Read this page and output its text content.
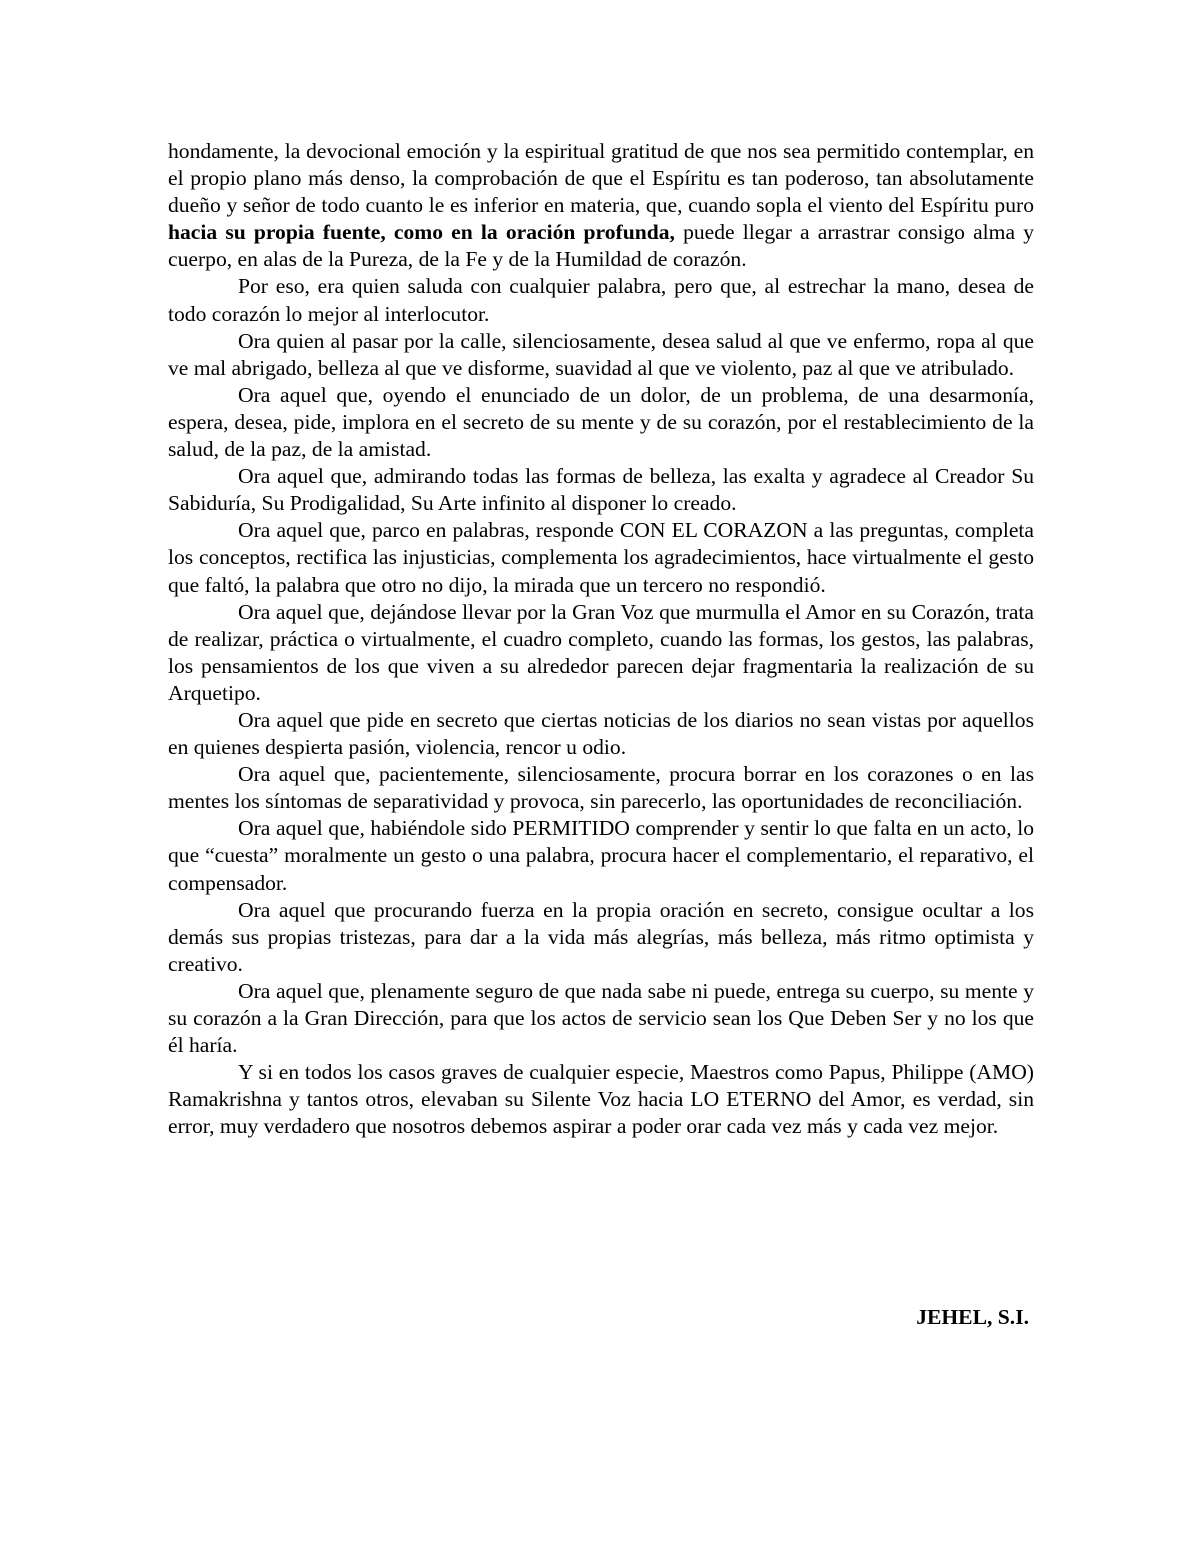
hondamente, la devocional emoción y la espiritual gratitud de que nos sea permitido contemplar, en el propio plano más denso, la comprobación de que el Espíritu es tan poderoso, tan absolutamente dueño y señor de todo cuanto le es inferior en materia, que, cuando sopla el viento del Espíritu puro hacia su propia fuente, como en la oración profunda, puede llegar a arrastrar consigo alma y cuerpo, en alas de la Pureza, de la Fe y de la Humildad de corazón.

Por eso, era quien saluda con cualquier palabra, pero que, al estrechar la mano, desea de todo corazón lo mejor al interlocutor.

Ora quien al pasar por la calle, silenciosamente, desea salud al que ve enfermo, ropa al que ve mal abrigado, belleza al que ve disforme, suavidad al que ve violento, paz al que ve atribulado.

Ora aquel que, oyendo el enunciado de un dolor, de un problema, de una desarmonía, espera, desea, pide, implora en el secreto de su mente y de su corazón, por el restablecimiento de la salud, de la paz, de la amistad.

Ora aquel que, admirando todas las formas de belleza, las exalta y agradece al Creador Su Sabiduría, Su Prodigalidad, Su Arte infinito al disponer lo creado.

Ora aquel que, parco en palabras, responde CON EL CORAZON a las preguntas, completa los conceptos, rectifica las injusticias, complementa los agradecimientos, hace virtualmente el gesto que faltó, la palabra que otro no dijo, la mirada que un tercero no respondió.

Ora aquel que, dejándose llevar por la Gran Voz que murmulla el Amor en su Corazón, trata de realizar, práctica o virtualmente, el cuadro completo, cuando las formas, los gestos, las palabras, los pensamientos de los que viven a su alrededor parecen dejar fragmentaria la realización de su Arquetipo.

Ora aquel que pide en secreto que ciertas noticias de los diarios no sean vistas por aquellos en quienes despierta pasión, violencia, rencor u odio.

Ora aquel que, pacientemente, silenciosamente, procura borrar en los corazones o en las mentes los síntomas de separatividad y provoca, sin parecerlo, las oportunidades de reconciliación.

Ora aquel que, habiéndole sido PERMITIDO comprender y sentir lo que falta en un acto, lo que “cuesta” moralmente un gesto o una palabra, procura hacer el complementario, el reparativo, el compensador.

Ora aquel que procurando fuerza en la propia oración en secreto, consigue ocultar a los demás sus propias tristezas, para dar a la vida más alegrías, más belleza, más ritmo optimista y creativo.

Ora aquel que, plenamente seguro de que nada sabe ni puede, entrega su cuerpo, su mente y su corazón a la Gran Dirección, para que los actos de servicio sean los Que Deben Ser y no los que él haría.

Y si en todos los casos graves de cualquier especie, Maestros como Papus, Philippe (AMO) Ramakrishna y tantos otros, elevaban su Silente Voz hacia LO ETERNO del Amor, es verdad, sin error, muy verdadero que nosotros debemos aspirar a poder orar cada vez más y cada vez mejor.

JEHEL, S.I.
